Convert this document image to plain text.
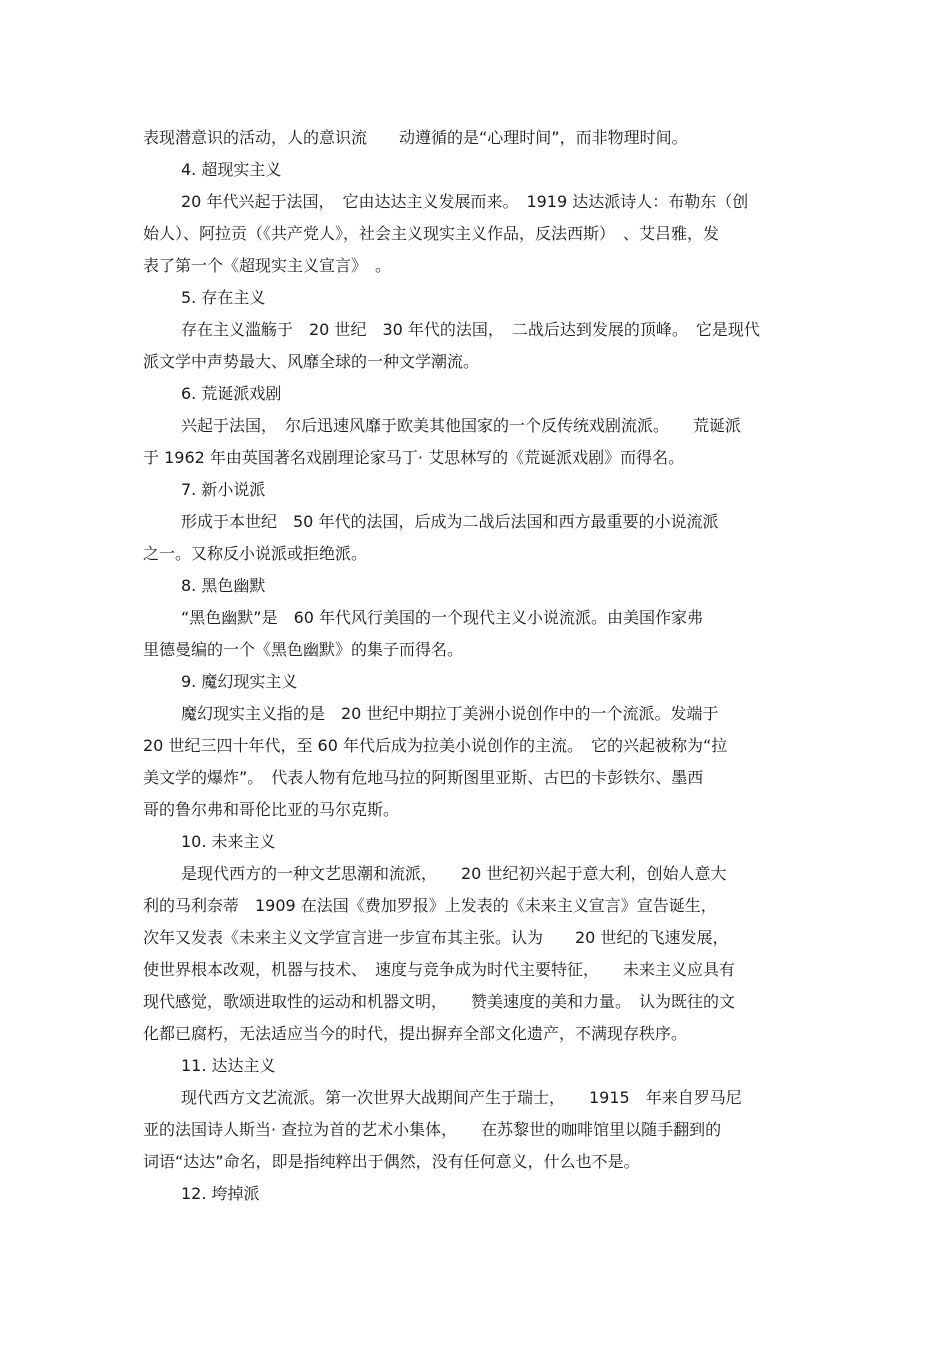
表现潜意识的活动，人的意识流　　动遵循的是“心理时间”，而非物理时间。
4. 超现实主义
20 年代兴起于法国，　它由达达主义发展而来。　1919 达达派诗人：布勒东（创
始人）、阿拉贡（《共产党人》，社会主义现实主义作品，反法西斯）　、艾吕雅，发
表了第一个《超现实主义宣言》　。
5. 存在主义
存在主义滥觞于　20 世纪　30 年代的法国，　二战后达到发展的顶峰。　它是现代
派文学中声势最大、风靡全球的一种文学潮流。
6. 荒诞派戏剧
兴起于法国，　尔后迅速风靡于欧美其他国家的一个反传统戏剧流派。　　荒诞派
于 1962 年由英国著名戏剧理论家马丁· 艾思林写的《荒诞派戏剧》而得名。
7. 新小说派
形成于本世纪　50 年代的法国，后成为二战后法国和西方最重要的小说流派
之一。又称反小说派或拒绝派。
8. 黑色幽默
“黑色幽默”是　60 年代风行美国的一个现代主义小说流派。由美国作家弗
里德曼编的一个《黑色幽默》的集子而得名。
9. 魔幻现实主义
魔幻现实主义指的是　20 世纪中期拉丁美洲小说创作中的一个流派。发端于
20 世纪三四十年代，至 60 年代后成为拉美小说创作的主流。　它的兴起被称为“拉
美文学的爆炸”。　代表人物有危地马拉的阿斯图里亚斯、古巴的卡彭铁尔、墨西
哥的鲁尔弗和哥伦比亚的马尔克斯。
10. 未来主义
是现代西方的一种文艺思潮和流派，　　20 世纪初兴起于意大利，创始人意大
利的马利奈蒂　1909 在法国《费加罗报》上发表的《未来主义宣言》宣告诞生，
次年又发表《未来主义文学宣言进一步宣布其主张。认为　　20 世纪的飞速发展，
使世界根本改观，机器与技术、　速度与竞争成为时代主要特征，　　未来主义应具有
现代感觉，歌颂进取性的运动和机器文明，　　赞美速度的美和力量。　认为既往的文
化都已腐朽，无法适应当今的时代，提出摒弃全部文化遗产，不满现存秩序。
11. 达达主义
现代西方文艺流派。第一次世界大战期间产生于瑞士，　　1915　年来自罗马尼
亚的法国诗人斯当· 查拉为首的艺术小集体，　　在苏黎世的咖啡馆里以随手翻到的
词语“达达”命名，即是指纯粹出于偶然，没有任何意义，什么也不是。
12. 垮掉派
